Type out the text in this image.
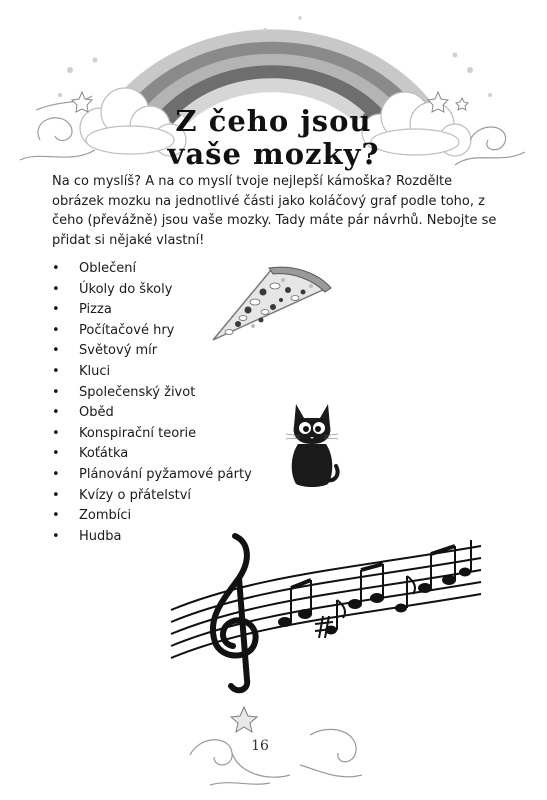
Z čeho jsou
vaše mozky?

Na co myslíš? A na co myslí tvoje nejlepší kámoška? Rozdělte obrázek mozku na jednotlivé části jako koláčový graf podle toho, z čeho (převážně) jsou vaše mozky. Tady máte pár návrhů. Nebojte se přidat si nějaké vlastní!

• Oblečení
• Úkoly do školy
• Pizza
• Počítačové hry
• Světový mír
• Kluci
• Společenský život
• Oběd
• Konspirační teorie
• Koťátka
• Plánování pyžamové párty
• Kvízy o přátelství
• Zombíci
• Hudba
16
